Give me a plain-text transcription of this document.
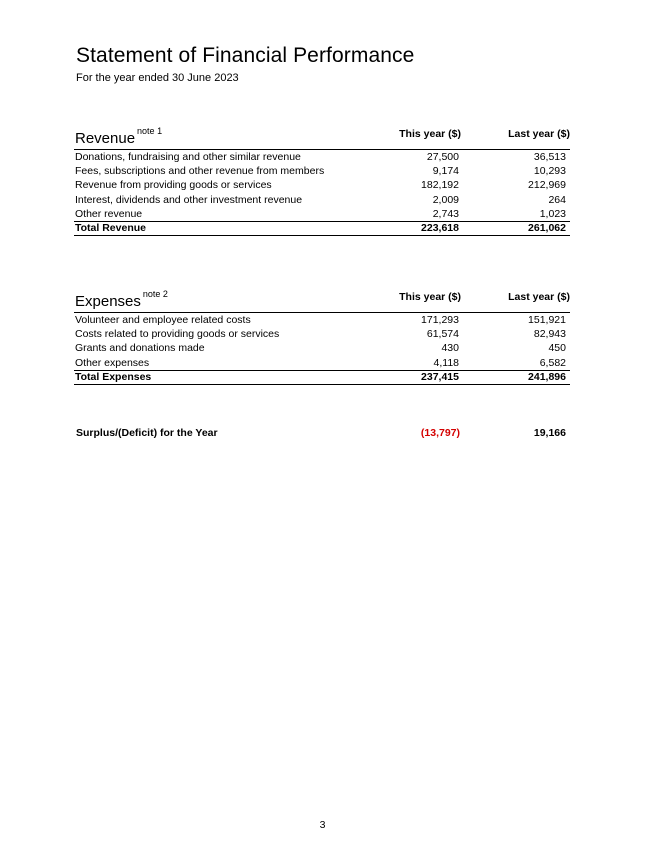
Statement of Financial Performance
For the year ended 30 June 2023
Revenue $^{note 1}$	This year ($)	Last year ($)
Donations, fundraising and other similar revenue	27,500	36,513
Fees, subscriptions and other revenue from members	9,174	10,293
Revenue from providing goods or services	182,192	212,969
Interest, dividends and other investment revenue	2,009	264
Other revenue	2,743	1,023
Total Revenue	223,618	261,062
Expenses $^{note 2}$	This year ($)	Last year ($)
Volunteer and employee related costs	171,293	151,921
Costs related to providing goods or services	61,574	82,943
Grants and donations made	430	450
Other expenses	4,118	6,582
Total Expenses	237,415	241,896
Surplus/(Deficit) for the Year	(13,797)	19,166
3
